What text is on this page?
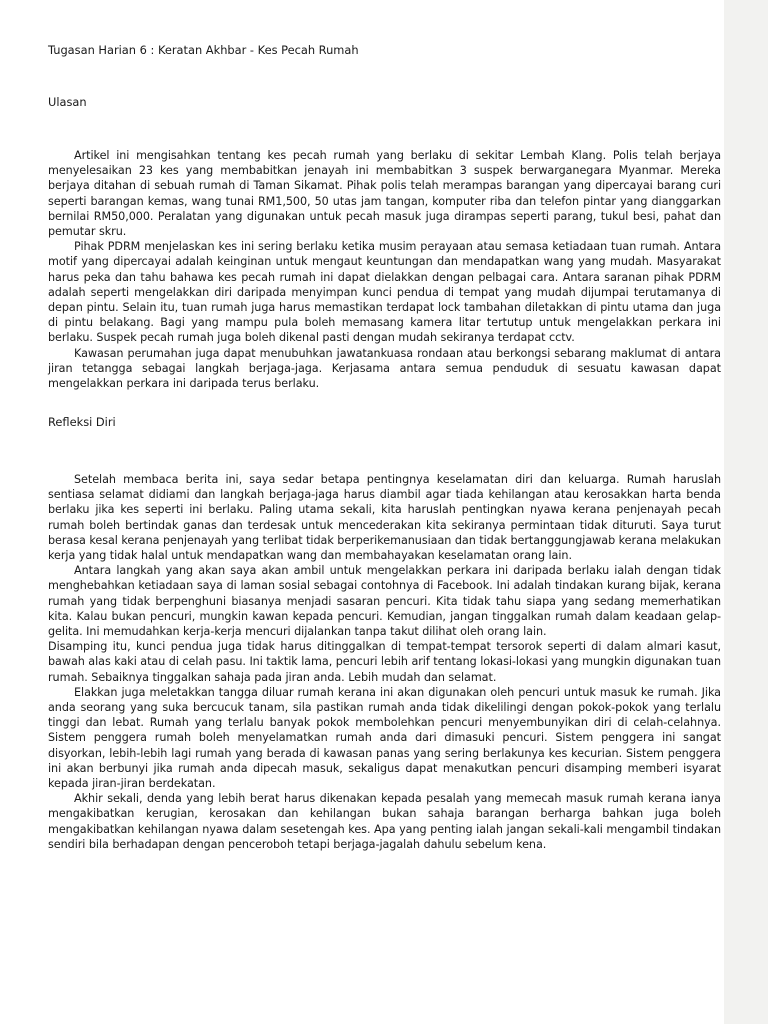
Tugasan Harian 6 : Keratan Akhbar - Kes Pecah Rumah
Ulasan

Artikel ini mengisahkan tentang kes pecah rumah yang berlaku di sekitar Lembah Klang. Polis telah berjaya menyelesaikan 23 kes yang membabitkan jenayah ini membabitkan 3 suspek berwarganegara Myanmar. Mereka berjaya ditahan di sebuah rumah di Taman Sikamat. Pihak polis telah merampas barangan yang dipercayai barang curi seperti barangan kemas, wang tunai RM1,500, 50 utas jam tangan, komputer riba dan telefon pintar yang dianggarkan bernilai RM50,000. Peralatan yang digunakan untuk pecah masuk juga dirampas seperti parang, tukul besi, pahat dan pemutar skru.

Pihak PDRM menjelaskan kes ini sering berlaku ketika musim perayaan atau semasa ketiadaan tuan rumah. Antara motif yang dipercayai adalah keinginan untuk mengaut keuntungan dan mendapatkan wang yang mudah. Masyarakat harus peka dan tahu bahawa kes pecah rumah ini dapat dielakkan dengan pelbagai cara. Antara saranan pihak PDRM adalah seperti mengelakkan diri daripada menyimpan kunci pendua di tempat yang mudah dijumpai terutamanya di depan pintu. Selain itu, tuan rumah juga harus memastikan terdapat lock tambahan diletakkan di pintu utama dan juga di pintu belakang. Bagi yang mampu pula boleh memasang kamera litar tertutup untuk mengelakkan perkara ini berlaku. Suspek pecah rumah juga boleh dikenal pasti dengan mudah sekiranya terdapat cctv.

Kawasan perumahan juga dapat menubuhkan jawatankuasa rondaan atau berkongsi sebarang maklumat di antara jiran tetangga sebagai langkah berjaga-jaga. Kerjasama antara semua penduduk di sesuatu kawasan dapat mengelakkan perkara ini daripada terus berlaku.

Refleksi Diri

Setelah membaca berita ini, saya sedar betapa pentingnya keselamatan diri dan keluarga. Rumah haruslah sentiasa selamat didiami dan langkah berjaga-jaga harus diambil agar tiada kehilangan atau kerosakkan harta benda berlaku jika kes seperti ini berlaku. Paling utama sekali, kita haruslah pentingkan nyawa kerana penjenayah pecah rumah boleh bertindak ganas dan terdesak untuk mencederakan kita sekiranya permintaan tidak dituruti. Saya turut berasa kesal kerana penjenayah yang terlibat tidak berperikemanusiaan dan tidak bertanggungjawab kerana melakukan kerja yang tidak halal untuk mendapatkan wang dan membahayakan keselamatan orang lain.

Antara langkah yang akan saya akan ambil untuk mengelakkan perkara ini daripada berlaku ialah dengan tidak menghebahkan ketiadaan saya di laman sosial sebagai contohnya di Facebook. Ini adalah tindakan kurang bijak, kerana rumah yang tidak berpenghuni biasanya menjadi sasaran pencuri. Kita tidak tahu siapa yang sedang memerhatikan kita. Kalau bukan pencuri, mungkin kawan kepada pencuri. Kemudian, jangan tinggalkan rumah dalam keadaan gelap-gelita. Ini memudahkan kerja-kerja mencuri dijalankan tanpa takut dilihat oleh orang lain.

Disamping itu, kunci pendua juga tidak harus ditinggalkan di tempat-tempat tersorok seperti di dalam almari kasut, bawah alas kaki atau di celah pasu. Ini taktik lama, pencuri lebih arif tentang lokasi-lokasi yang mungkin digunakan tuan rumah. Sebaiknya tinggalkan sahaja pada jiran anda. Lebih mudah dan selamat.

Elakkan juga meletakkan tangga diluar rumah kerana ini akan digunakan oleh pencuri untuk masuk ke rumah. Jika anda seorang yang suka bercucuk tanam, sila pastikan rumah anda tidak dikelilingi dengan pokok-pokok yang terlalu tinggi dan lebat. Rumah yang terlalu banyak pokok membolehkan pencuri menyembunyikan diri di celah-celahnya. Sistem penggera rumah boleh menyelamatkan rumah anda dari dimasuki pencuri. Sistem penggera ini sangat disyorkan, lebih-lebih lagi rumah yang berada di kawasan panas yang sering berlakunya kes kecurian. Sistem penggera ini akan berbunyi jika rumah anda dipecah masuk, sekaligus dapat menakutkan pencuri disamping memberi isyarat kepada jiran-jiran berdekatan.

Akhir sekali, denda yang lebih berat harus dikenakan kepada pesalah yang memecah masuk rumah kerana ianya mengakibatkan kerugian, kerosakan dan kehilangan bukan sahaja barangan berharga bahkan juga boleh mengakibatkan kehilangan nyawa dalam sesetengah kes. Apa yang penting ialah jangan sekali-kali mengambil tindakan sendiri bila berhadapan dengan penceroboh tetapi berjaga-jagalah dahulu sebelum kena.
